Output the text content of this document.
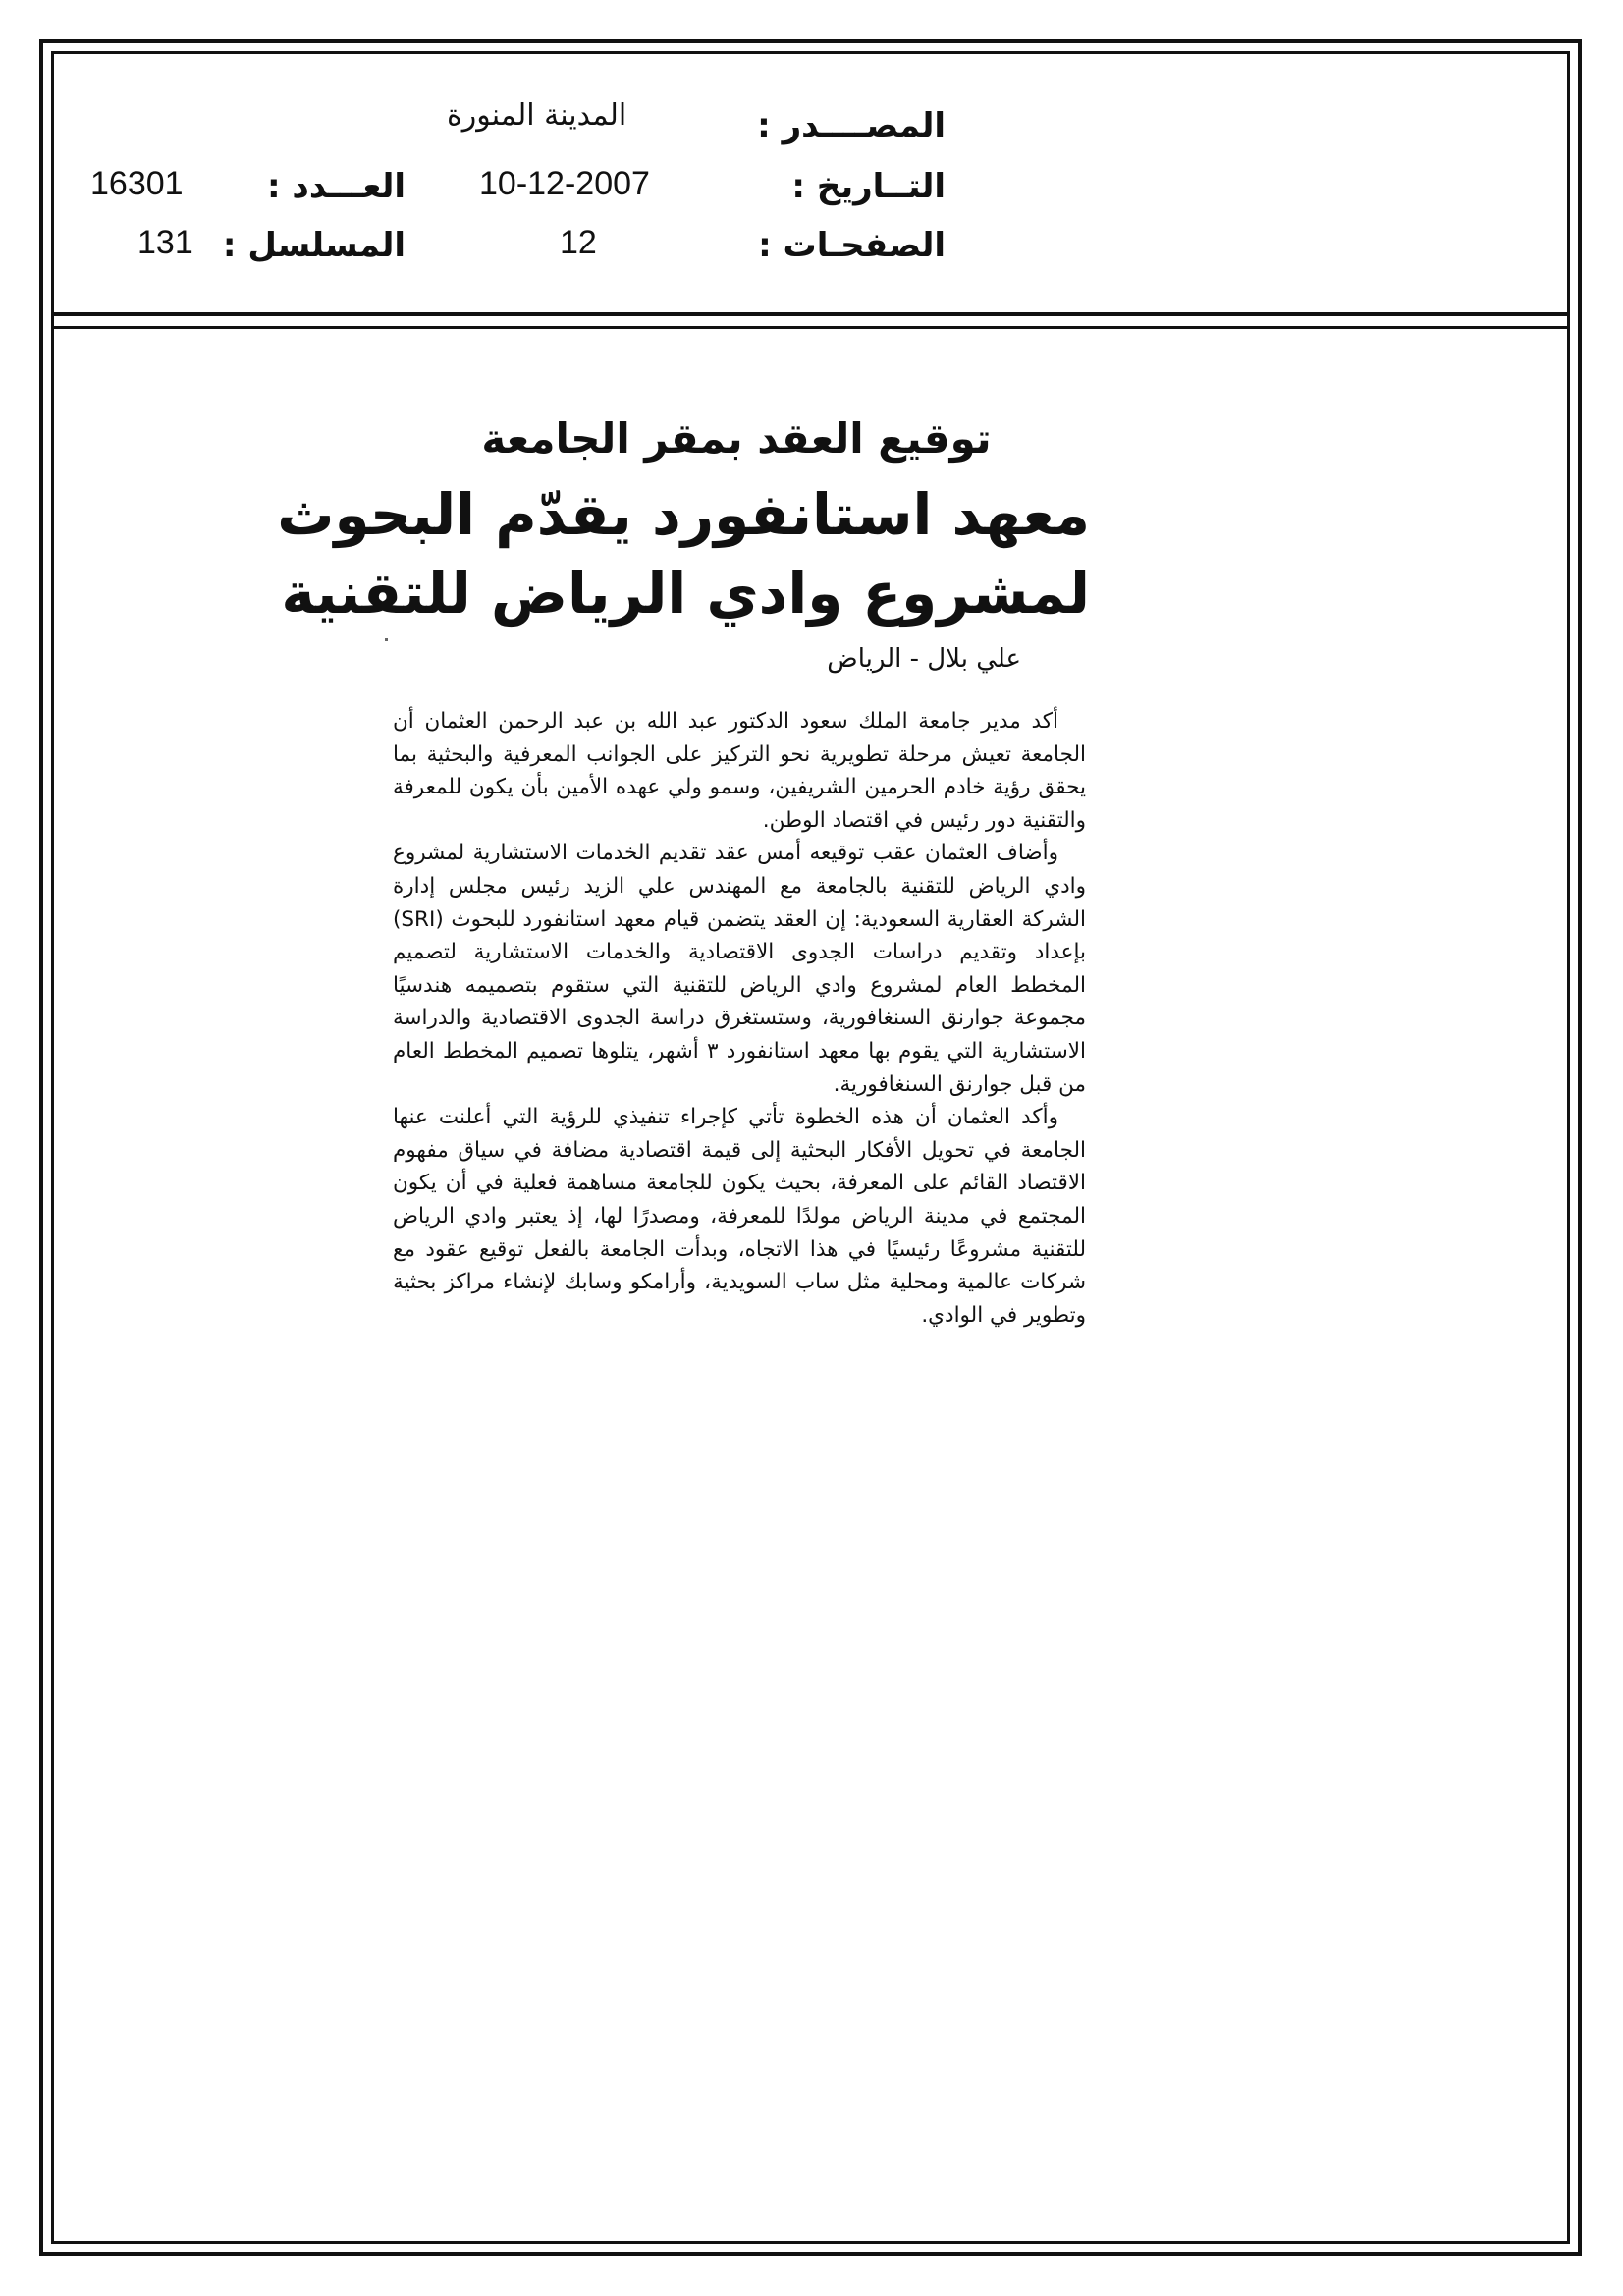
المصــــدر :
المدينة المنورة
التــاريخ :
10-12-2007
العـــدد :
16301
الصفحـات :
12
المسلسل :
131
توقيع العقد بمقر الجامعة
معهد استانفورد يقدّم البحوث
لمشروع وادي الرياض للتقنية
علي بلال - الرياض

أكد مدير جامعة الملك سعود الدكتور عبد الله بن عبد الرحمن العثمان أن الجامعة تعيش مرحلة تطويرية نحو التركيز على الجوانب المعرفية والبحثية بما يحقق رؤية خادم الحرمين الشريفين، وسمو ولي عهده الأمين بأن يكون للمعرفة والتقنية دور رئيس في اقتصاد الوطن.

وأضاف العثمان عقب توقيعه أمس عقد تقديم الخدمات الاستشارية لمشروع وادي الرياض للتقنية بالجامعة مع المهندس علي الزيد رئيس مجلس إدارة الشركة العقارية السعودية: إن العقد يتضمن قيام معهد استانفورد للبحوث (SRI) بإعداد وتقديم دراسات الجدوى الاقتصادية والخدمات الاستشارية لتصميم المخطط العام لمشروع وادي الرياض للتقنية التي ستقوم بتصميمه هندسيًا مجموعة جوارنق السنغافورية، وستستغرق دراسة الجدوى الاقتصادية والدراسة الاستشارية التي يقوم بها معهد استانفورد ٣ أشهر، يتلوها تصميم المخطط العام من قبل جوارنق السنغافورية.

وأكد العثمان أن هذه الخطوة تأتي كإجراء تنفيذي للرؤية التي أعلنت عنها الجامعة في تحويل الأفكار البحثية إلى قيمة اقتصادية مضافة في سياق مفهوم الاقتصاد القائم على المعرفة، بحيث يكون للجامعة مساهمة فعلية في أن يكون المجتمع في مدينة الرياض مولدًا للمعرفة، ومصدرًا لها، إذ يعتبر وادي الرياض للتقنية مشروعًا رئيسيًا في هذا الاتجاه، وبدأت الجامعة بالفعل توقيع عقود مع شركات عالمية ومحلية مثل ساب السويدية، وأرامكو وسابك لإنشاء مراكز بحثية وتطوير في الوادي.
